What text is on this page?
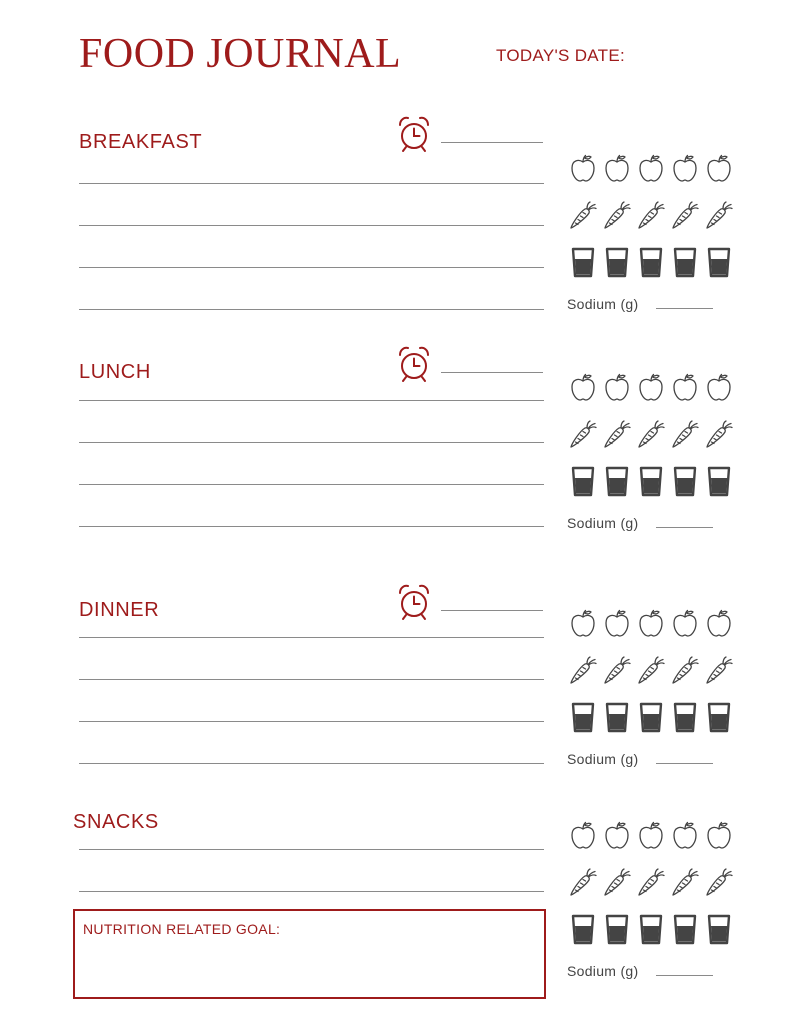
FOOD JOURNAL	TODAY'S DATE:
BREAKFAST
Sodium (g)
LUNCH
Sodium (g)
DINNER
Sodium (g)
SNACKS
Sodium (g)
NUTRITION RELATED GOAL:
